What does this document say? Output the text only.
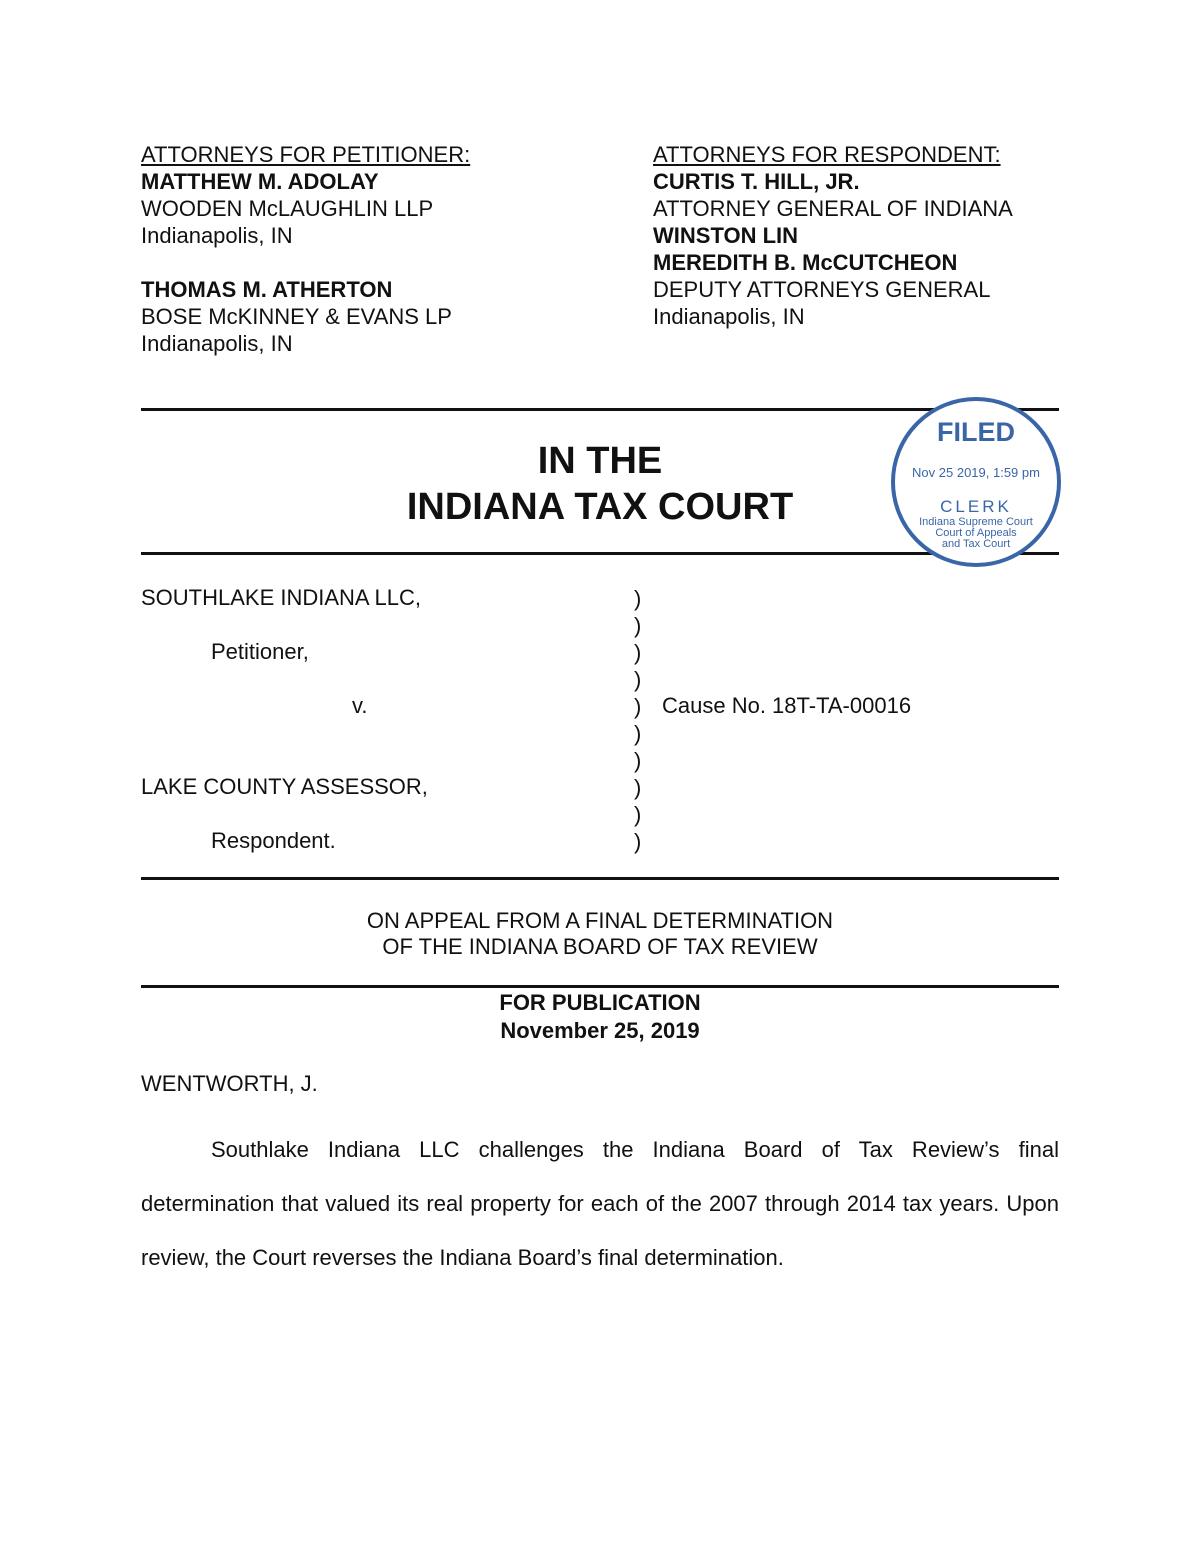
ATTORNEYS FOR PETITIONER:
MATTHEW M. ADOLAY
WOODEN McLAUGHLIN LLP
Indianapolis, IN
THOMAS M. ATHERTON
BOSE McKINNEY & EVANS LP
Indianapolis, IN
ATTORNEYS FOR RESPONDENT:
CURTIS T. HILL, JR.
ATTORNEY GENERAL OF INDIANA
WINSTON LIN
MEREDITH B. McCUTCHEON
DEPUTY ATTORNEYS GENERAL
Indianapolis, IN
IN THE
INDIANA TAX COURT
FILED
Nov 25 2019, 1:59 pm
CLERK
Indiana Supreme Court
Court of Appeals
and Tax Court
SOUTHLAKE INDIANA LLC,
Petitioner,
v.
LAKE COUNTY ASSESSOR,
Respondent.
Cause No. 18T-TA-00016
)
)
)
)
)
)
)
)
)
)
ON APPEAL FROM A FINAL DETERMINATION
OF THE INDIANA BOARD OF TAX REVIEW
FOR PUBLICATION
November 25, 2019
WENTWORTH, J.
Southlake Indiana LLC challenges the Indiana Board of Tax Review’s final determination that valued its real property for each of the 2007 through 2014 tax years. Upon review, the Court reverses the Indiana Board’s final determination.
